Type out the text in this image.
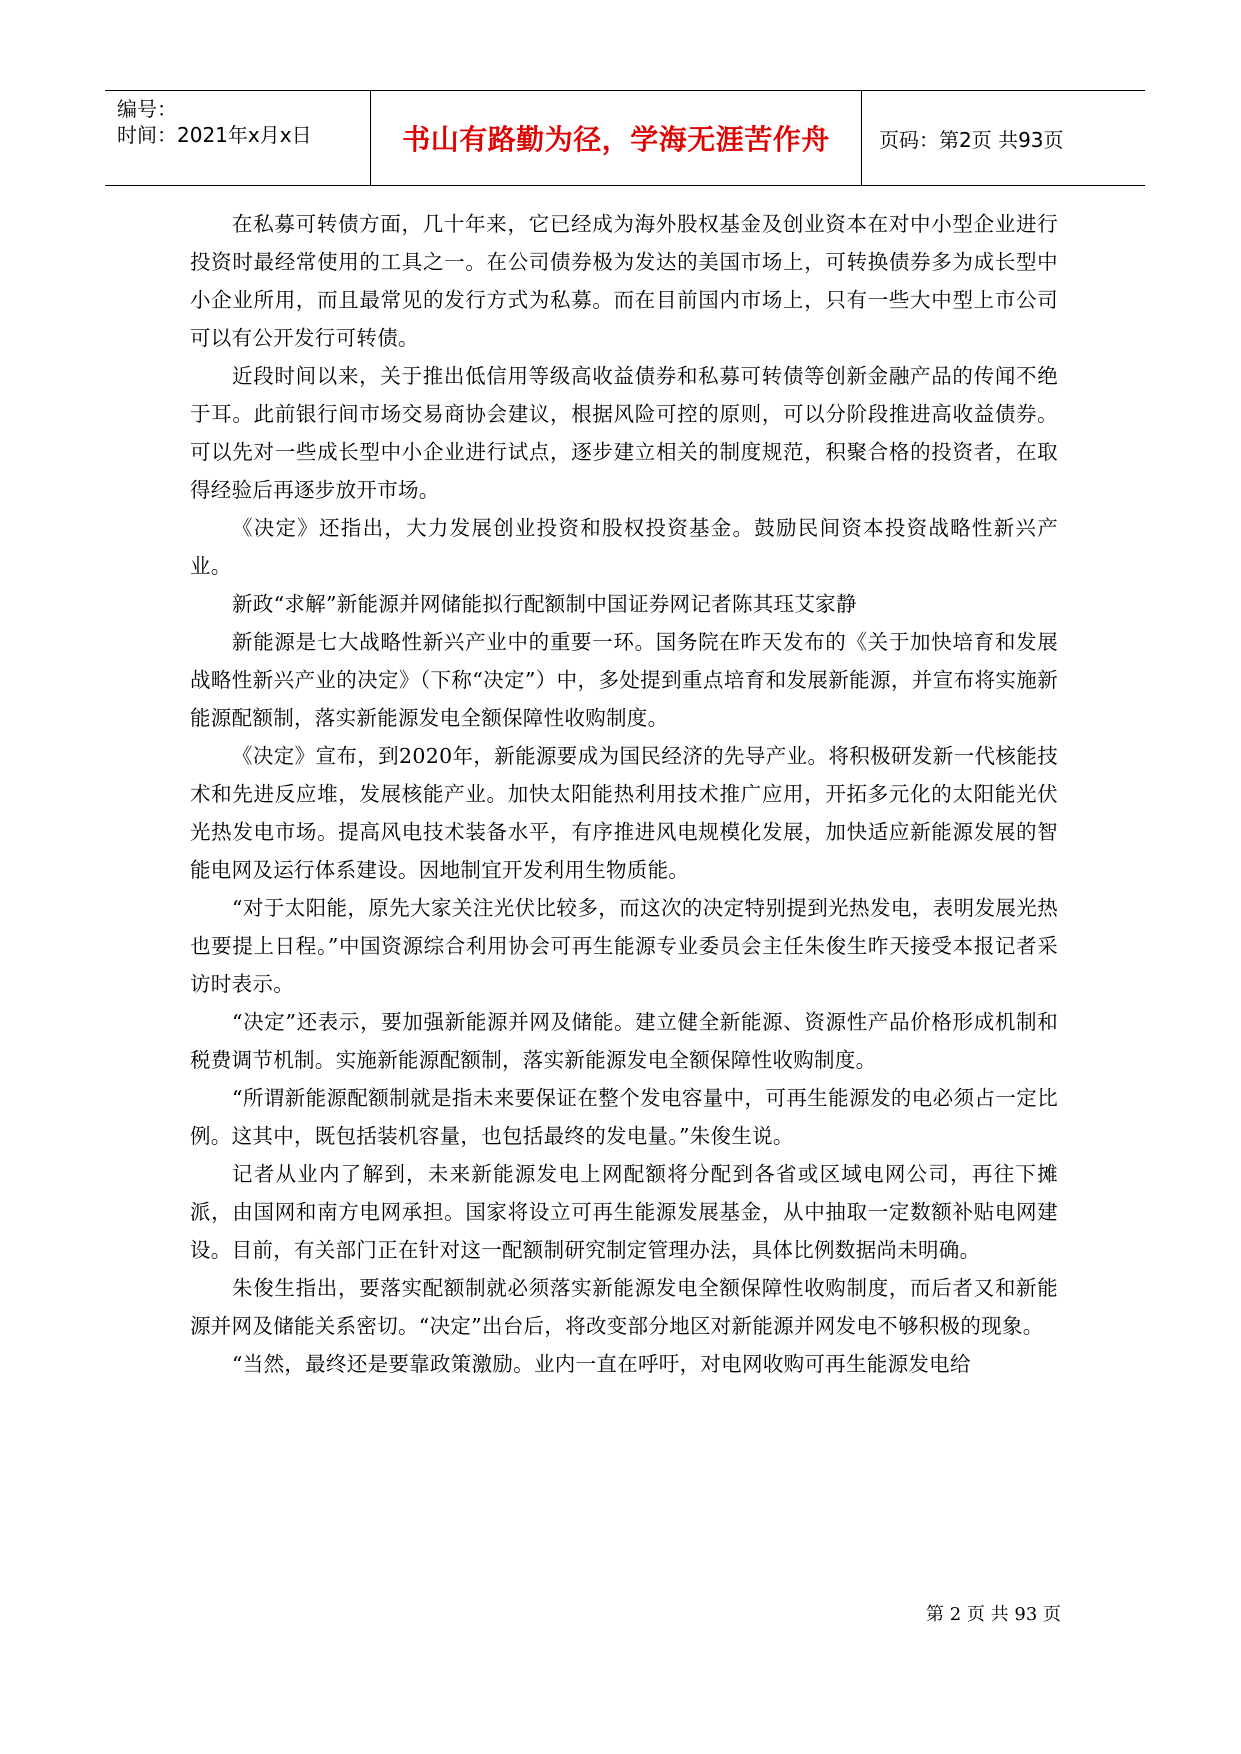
编号：
时间：2021年x月x日	书山有路勤为径，学海无涯苦作舟 页码：第2页 共93页

在私募可转债方面，几十年来，它已经成为海外股权基金及创业资本在对中小型企业进行投资时最经常使用的工具之一。在公司债券极为发达的美国市场上，可转换债券多为成长型中小企业所用，而且最常见的发行方式为私募。而在目前国内市场上，只有一些大中型上市公司可以有公开发行可转债。

近段时间以来，关于推出低信用等级高收益债券和私募可转债等创新金融产品的传闻不绝于耳。此前银行间市场交易商协会建议，根据风险可控的原则，可以分阶段推进高收益债券。可以先对一些成长型中小企业进行试点，逐步建立相关的制度规范，积聚合格的投资者，在取得经验后再逐步放开市场。

《决定》还指出，大力发展创业投资和股权投资基金。鼓励民间资本投资战略性新兴产业。

新政“求解”新能源并网储能拟行配额制中国证券网记者陈其珏艾家静

新能源是七大战略性新兴产业中的重要一环。国务院在昨天发布的《关于加快培育和发展战略性新兴产业的决定》（下称“决定”）中，多处提到重点培育和发展新能源，并宣布将实施新能源配额制，落实新能源发电全额保障性收购制度。

《决定》宣布，到2020年，新能源要成为国民经济的先导产业。将积极研发新一代核能技术和先进反应堆，发展核能产业。加快太阳能热利用技术推广应用，开拓多元化的太阳能光伏光热发电市场。提高风电技术装备水平，有序推进风电规模化发展，加快适应新能源发展的智能电网及运行体系建设。因地制宜开发利用生物质能。

“对于太阳能，原先大家关注光伏比较多，而这次的决定特别提到光热发电，表明发展光热也要提上日程。”中国资源综合利用协会可再生能源专业委员会主任朱俊生昨天接受本报记者采访时表示。

“决定”还表示，要加强新能源并网及储能。建立健全新能源、资源性产品价格形成机制和税费调节机制。实施新能源配额制，落实新能源发电全额保障性收购制度。

“所谓新能源配额制就是指未来要保证在整个发电容量中，可再生能源发的电必须占一定比例。这其中，既包括装机容量，也包括最终的发电量。”朱俊生说。

记者从业内了解到，未来新能源发电上网配额将分配到各省或区域电网公司，再往下摊派，由国网和南方电网承担。国家将设立可再生能源发展基金，从中抽取一定数额补贴电网建设。目前，有关部门正在针对这一配额制研究制定管理办法，具体比例数据尚未明确。

朱俊生指出，要落实配额制就必须落实新能源发电全额保障性收购制度，而后者又和新能源并网及储能关系密切。“决定”出台后，将改变部分地区对新能源并网发电不够积极的现象。

“当然，最终还是要靠政策激励。业内一直在呼吁，对电网收购可再生能源发电给

第 2 页 共 93 页
